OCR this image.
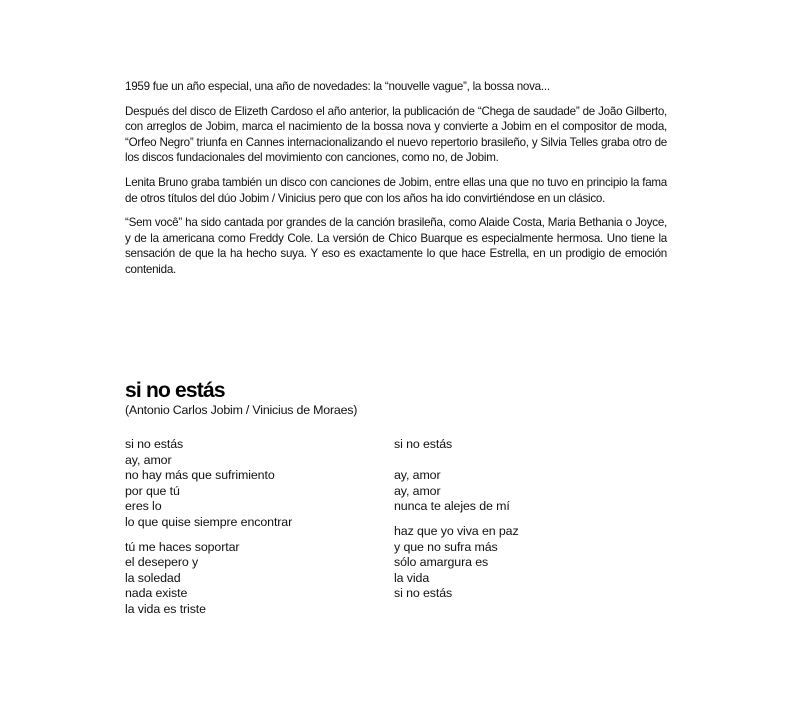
1959 fue un año especial, una año de novedades: la “nouvelle vague”, la bossa nova...

Después del disco de Elizeth Cardoso el año anterior, la publicación de “Chega de saudade” de João Gilberto, con arreglos de Jobim, marca el nacimiento de la bossa nova y convierte a Jobim en el compositor de moda, “Orfeo Negro” triunfa en Cannes internacionalizando el nuevo repertorio brasileño, y Silvia Telles graba otro de los discos fundacionales del movimiento con canciones, como no, de Jobim.

Lenita Bruno graba también un disco con canciones de Jobim, entre ellas una que no tuvo en principio la fama de otros títulos del dúo Jobim / Vinicius pero que con los años ha ido convirtiéndose en un clásico.

“Sem você” ha sido cantada por grandes de la canción brasileña, como Alaide Costa, Maria Bethania o Joyce, y de la americana como Freddy Cole. La versión de Chico Buarque es especialmente hermosa. Uno tiene la sensación de que la ha hecho suya. Y eso es exactamente lo que hace Estrella, en un prodigio de emoción contenida.

si no estás
(Antonio Carlos Jobim / Vinicius de Moraes)
si no estás
ay, amor
no hay más que sufrimiento
por que tú
eres lo
lo que quise siempre encontrar
tú me haces soportar
el desepero y
la soledad
nada existe
la vida es triste
si no estás
ay, amor
ay, amor
nunca te alejes de mí
haz que yo viva en paz
y que no sufra más
sólo amargura es
la vida
si no estás
